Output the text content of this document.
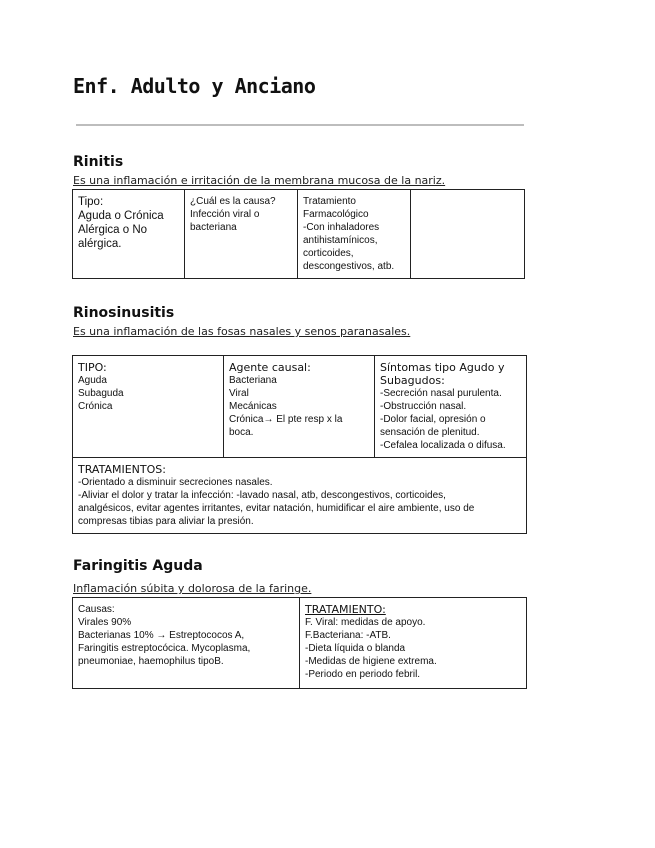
Enf. Adulto y Anciano
Rinitis

Es una inflamación e irritación de la membrana mucosa de la nariz.

Tipo:
Aguda o Crónica
Alérgica o No
alérgica.

¿Cuál es la causa?
Infección viral o
bacteriana

Tratamiento
Farmacológico
-Con inhaladores
antihistamínicos,
corticoides,
descongestivos, atb.

Rinosinusitis

Es una inflamación de las fosas nasales y senos paranasales.

TIPO:
Aguda
Subaguda
Crónica

Agente causal:
Bacteriana
Viral
Mecánicas
Crónica→ El pte resp x la
boca.

Síntomas tipo Agudo y
Subagudos:
-Secreción nasal purulenta.
-Obstrucción nasal.
-Dolor facial, opresión o
sensación de plenitud.
-Cefalea localizada o difusa.

TRATAMIENTOS:
-Orientado a disminuir secreciones nasales.
-Aliviar el dolor y tratar la infección: -lavado nasal, atb, descongestivos, corticoides,
analgésicos, evitar agentes irritantes, evitar natación, humidificar el aire ambiente, uso de
compresas tibias para aliviar la presión.
Faringitis Aguda

Inflamación súbita y dolorosa de la faringe.

Causas:
Virales 90%
Bacterianas 10% → Estreptococos A,
Faringitis estreptocócica. Mycoplasma,
pneumoniae, haemophilus tipoB.

TRATAMIENTO:
F. Viral: medidas de apoyo.
F.Bacteriana: -ATB.
-Dieta líquida o blanda
-Medidas de higiene extrema.
-Periodo en periodo febril.
